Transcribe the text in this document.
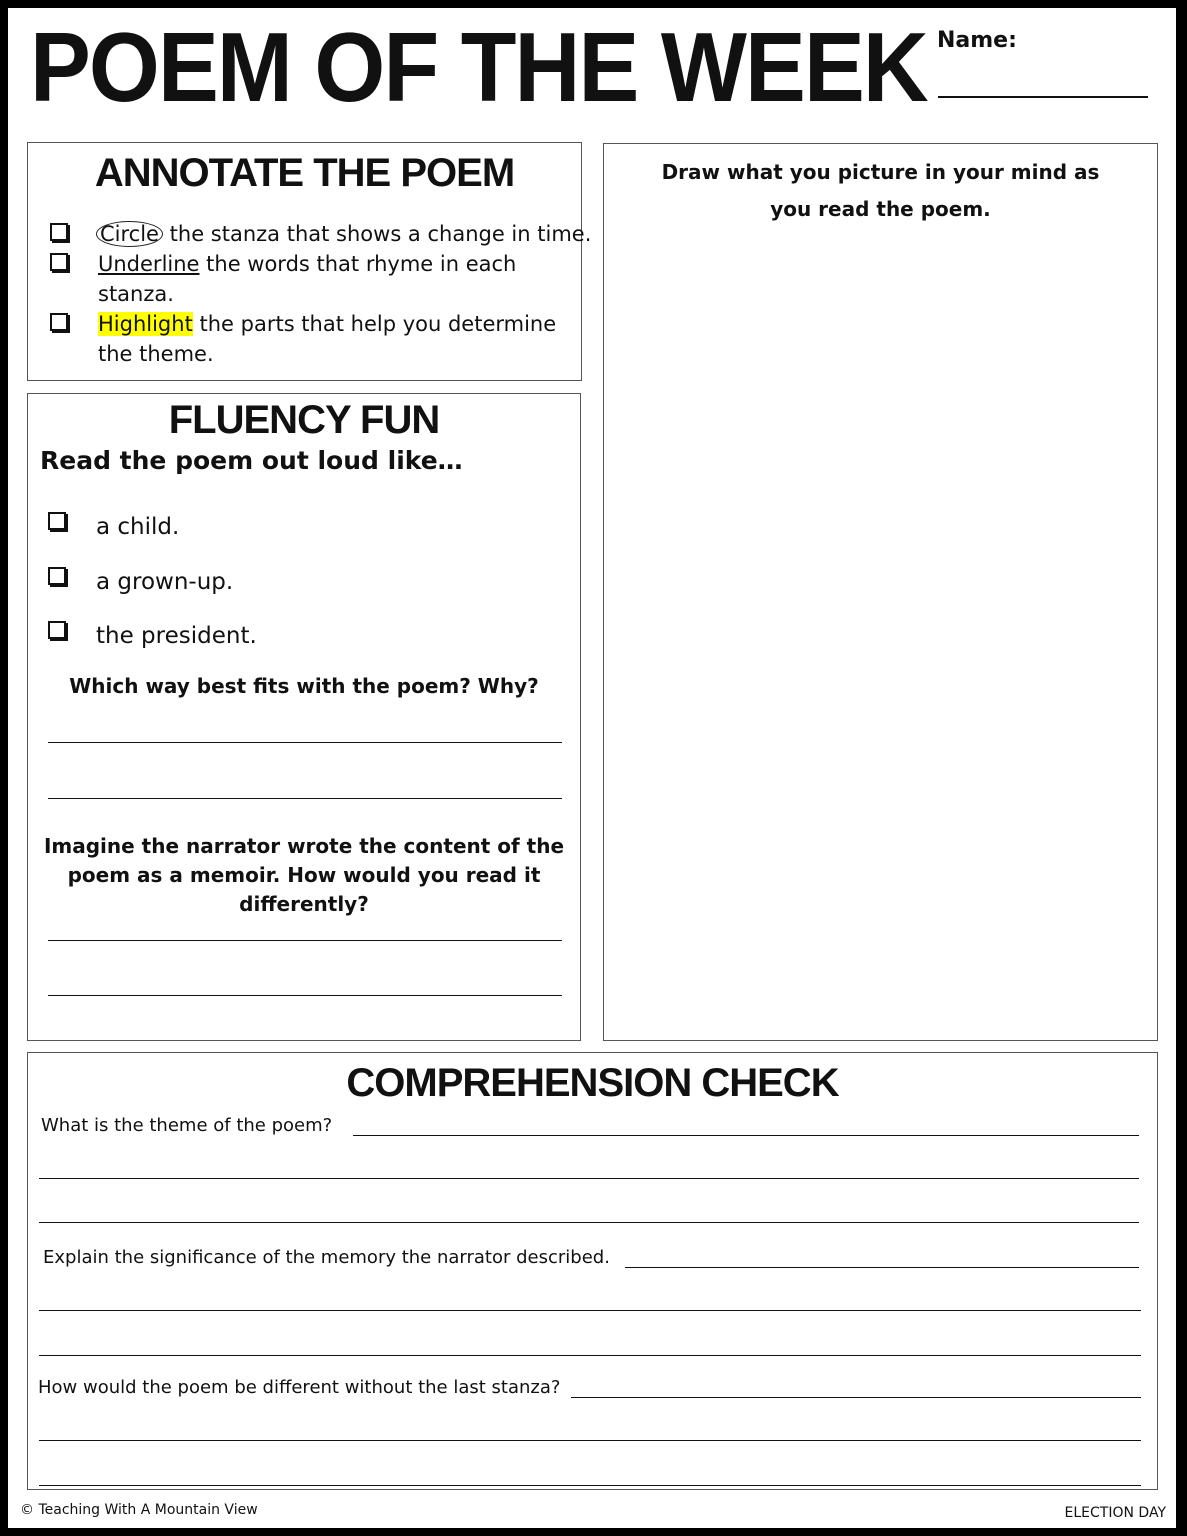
POEM OF THE WEEK Name:
ANNOTATE THE POEM
Circle the stanza that shows a change in time.
Underline the words that rhyme in each stanza.
Highlight the parts that help you determine the theme.
FLUENCY FUN
Read the poem out loud like…
a child.
a grown-up.
the president.
Which way best fits with the poem? Why?
Imagine the narrator wrote the content of the poem as a memoir. How would you read it differently?
Draw what you picture in your mind as you read the poem.
COMPREHENSION CHECK
What is the theme of the poem?
Explain the significance of the memory the narrator described.
How would the poem be different without the last stanza?
© Teaching With A Mountain View	ELECTION DAY
